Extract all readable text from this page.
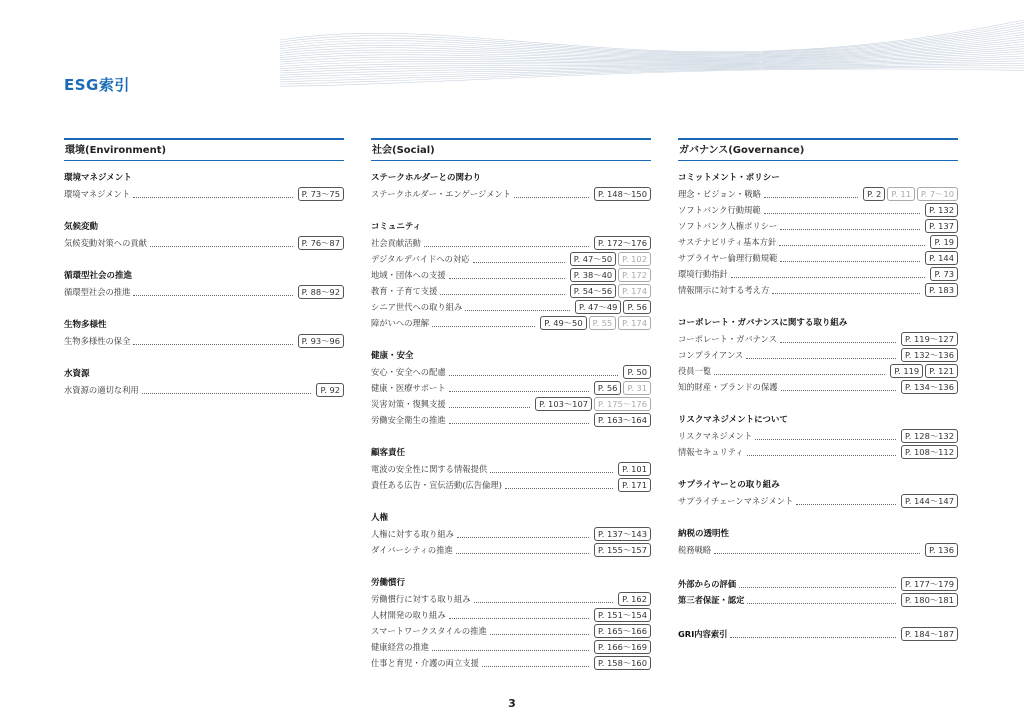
ESG索引
環境(Environment)
環境マネジメント
環境マネジメント	P. 73〜75
気候変動
気候変動対策への貢献	P. 76〜87
循環型社会の推進
循環型社会の推進	P. 88〜92
生物多様性
生物多様性の保全	P. 93〜96
水資源
水資源の適切な利用	P. 92
社会(Social)
ステークホルダーとの関わり
ステークホルダー・エンゲージメント	P. 148〜150
コミュニティ
社会貢献活動	P. 172〜176
デジタルデバイドへの対応	P. 47〜50	P. 102
地域・団体への支援	P. 38〜40	P. 172
教育・子育て支援	P. 54〜56	P. 174
シニア世代への取り組み	P. 47〜49	P. 56
障がいへの理解	P. 49〜50	P. 55	P. 174
健康・安全
安心・安全への配慮	P. 50
健康・医療サポート	P. 56	P. 31
災害対策・復興支援	P. 103〜107	P. 175〜176
労働安全衛生の推進	P. 163〜164
顧客責任
電波の安全性に関する情報提供	P. 101
責任ある広告・宣伝活動(広告倫理)	P. 171
人権
人権に対する取り組み	P. 137〜143
ダイバーシティの推進	P. 155〜157
労働慣行
労働慣行に対する取り組み	P. 162
人材開発の取り組み	P. 151〜154
スマートワークスタイルの推進	P. 165〜166
健康経営の推進	P. 166〜169
仕事と育児・介護の両立支援	P. 158〜160
ガバナンス(Governance)
コミットメント・ポリシー
理念・ビジョン・戦略	P. 2	P. 11	P. 7〜10
ソフトバンク行動規範	P. 132
ソフトバンク人権ポリシー	P. 137
サステナビリティ基本方針	P. 19
サプライヤー倫理行動規範	P. 144
環境行動指針	P. 73
情報開示に対する考え方	P. 183
コーポレート・ガバナンスに関する取り組み
コーポレート・ガバナンス	P. 119〜127
コンプライアンス	P. 132〜136
役員一覧	P. 119	P. 121
知的財産・ブランドの保護	P. 134〜136
リスクマネジメントについて
リスクマネジメント	P. 128〜132
情報セキュリティ	P. 108〜112
サプライヤーとの取り組み
サプライチェーンマネジメント	P. 144〜147
納税の透明性
税務戦略	P. 136
外部からの評価	P. 177〜179
第三者保証・認定	P. 180〜181
GRI内容索引	P. 184〜187
3
